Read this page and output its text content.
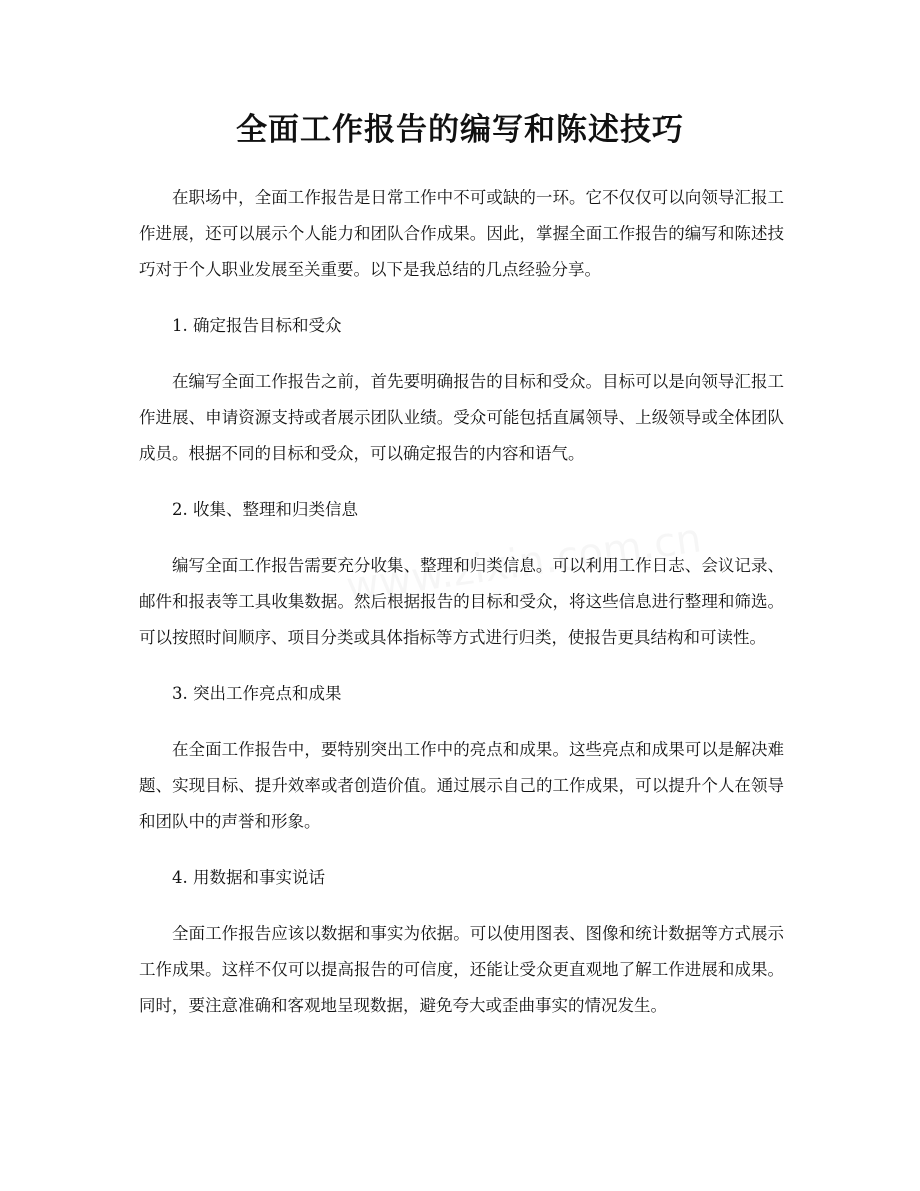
全面工作报告的编写和陈述技巧

在职场中，全面工作报告是日常工作中不可或缺的一环。它不仅仅可以向领导汇报工作进展，还可以展示个人能力和团队合作成果。因此，掌握全面工作报告的编写和陈述技巧对于个人职业发展至关重要。以下是我总结的几点经验分享。

1. 确定报告目标和受众

在编写全面工作报告之前，首先要明确报告的目标和受众。目标可以是向领导汇报工作进展、申请资源支持或者展示团队业绩。受众可能包括直属领导、上级领导或全体团队成员。根据不同的目标和受众，可以确定报告的内容和语气。

2. 收集、整理和归类信息

编写全面工作报告需要充分收集、整理和归类信息。可以利用工作日志、会议记录、邮件和报表等工具收集数据。然后根据报告的目标和受众，将这些信息进行整理和筛选。可以按照时间顺序、项目分类或具体指标等方式进行归类，使报告更具结构和可读性。

3. 突出工作亮点和成果

在全面工作报告中，要特别突出工作中的亮点和成果。这些亮点和成果可以是解决难题、实现目标、提升效率或者创造价值。通过展示自己的工作成果，可以提升个人在领导和团队中的声誉和形象。

4. 用数据和事实说话

全面工作报告应该以数据和事实为依据。可以使用图表、图像和统计数据等方式展示工作成果。这样不仅可以提高报告的可信度，还能让受众更直观地了解工作进展和成果。同时，要注意准确和客观地呈现数据，避免夸大或歪曲事实的情况发生。
